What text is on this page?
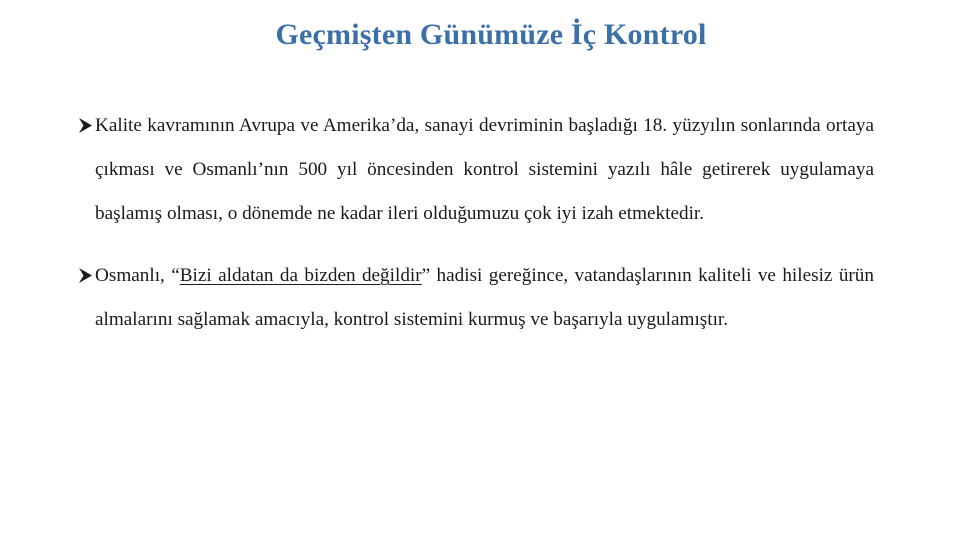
Geçmişten Günümüze İç Kontrol
Kalite kavramının Avrupa ve Amerika’da, sanayi devriminin başladığı 18. yüzyılın sonlarında ortaya çıkması ve Osmanlı’nın 500 yıl öncesinden kontrol sistemini yazılı hâle getirerek uygulamaya başlamış olması, o dönemde ne kadar ileri olduğumuzu çok iyi izah etmektedir.
Osmanlı, “Bizi aldatan da bizden değildir” hadisi gereğince, vatandaşlarının kaliteli ve hilesiz ürün almalarını sağlamak amacıyla, kontrol sistemini kurmuş ve başarıyla uygulamıştır.
